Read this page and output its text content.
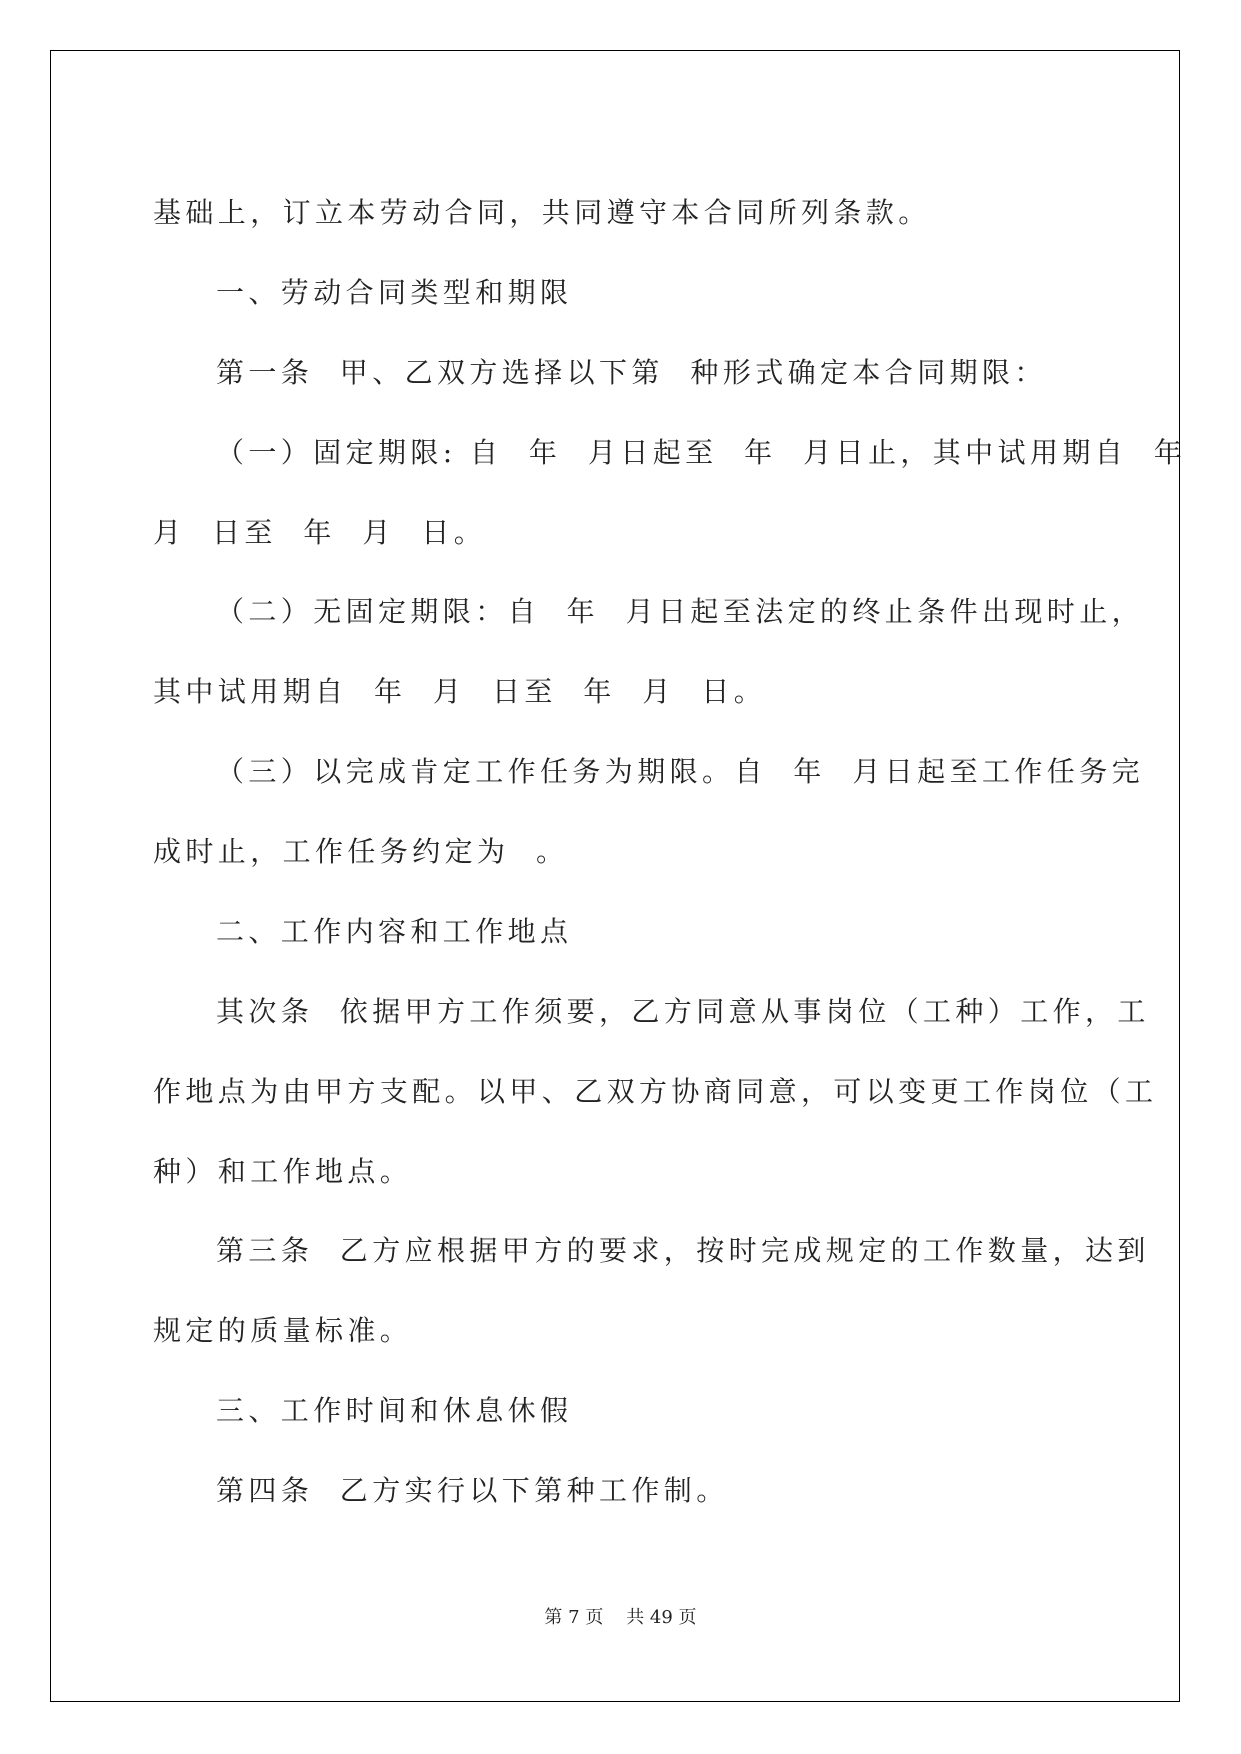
基础上，订立本劳动合同，共同遵守本合同所列条款。

一、劳动合同类型和期限

第一条  甲、乙双方选择以下第  种形式确定本合同期限：

（一）固定期限: 自  年  月日起至  年  月日止，其中试用期自  年

月  日至  年  月  日。

（二）无固定期限：自  年  月日起至法定的终止条件出现时止，

其中试用期自  年  月  日至  年  月  日。

（三）以完成肯定工作任务为期限。自  年  月日起至工作任务完

成时止，工作任务约定为  。

二、工作内容和工作地点

其次条  依据甲方工作须要，乙方同意从事岗位（工种）工作，工

作地点为由甲方支配。以甲、乙双方协商同意，可以变更工作岗位（工

种）和工作地点。

第三条  乙方应根据甲方的要求，按时完成规定的工作数量，达到

规定的质量标准。

三、工作时间和休息休假

第四条  乙方实行以下第种工作制。

第 7 页    共 49 页
